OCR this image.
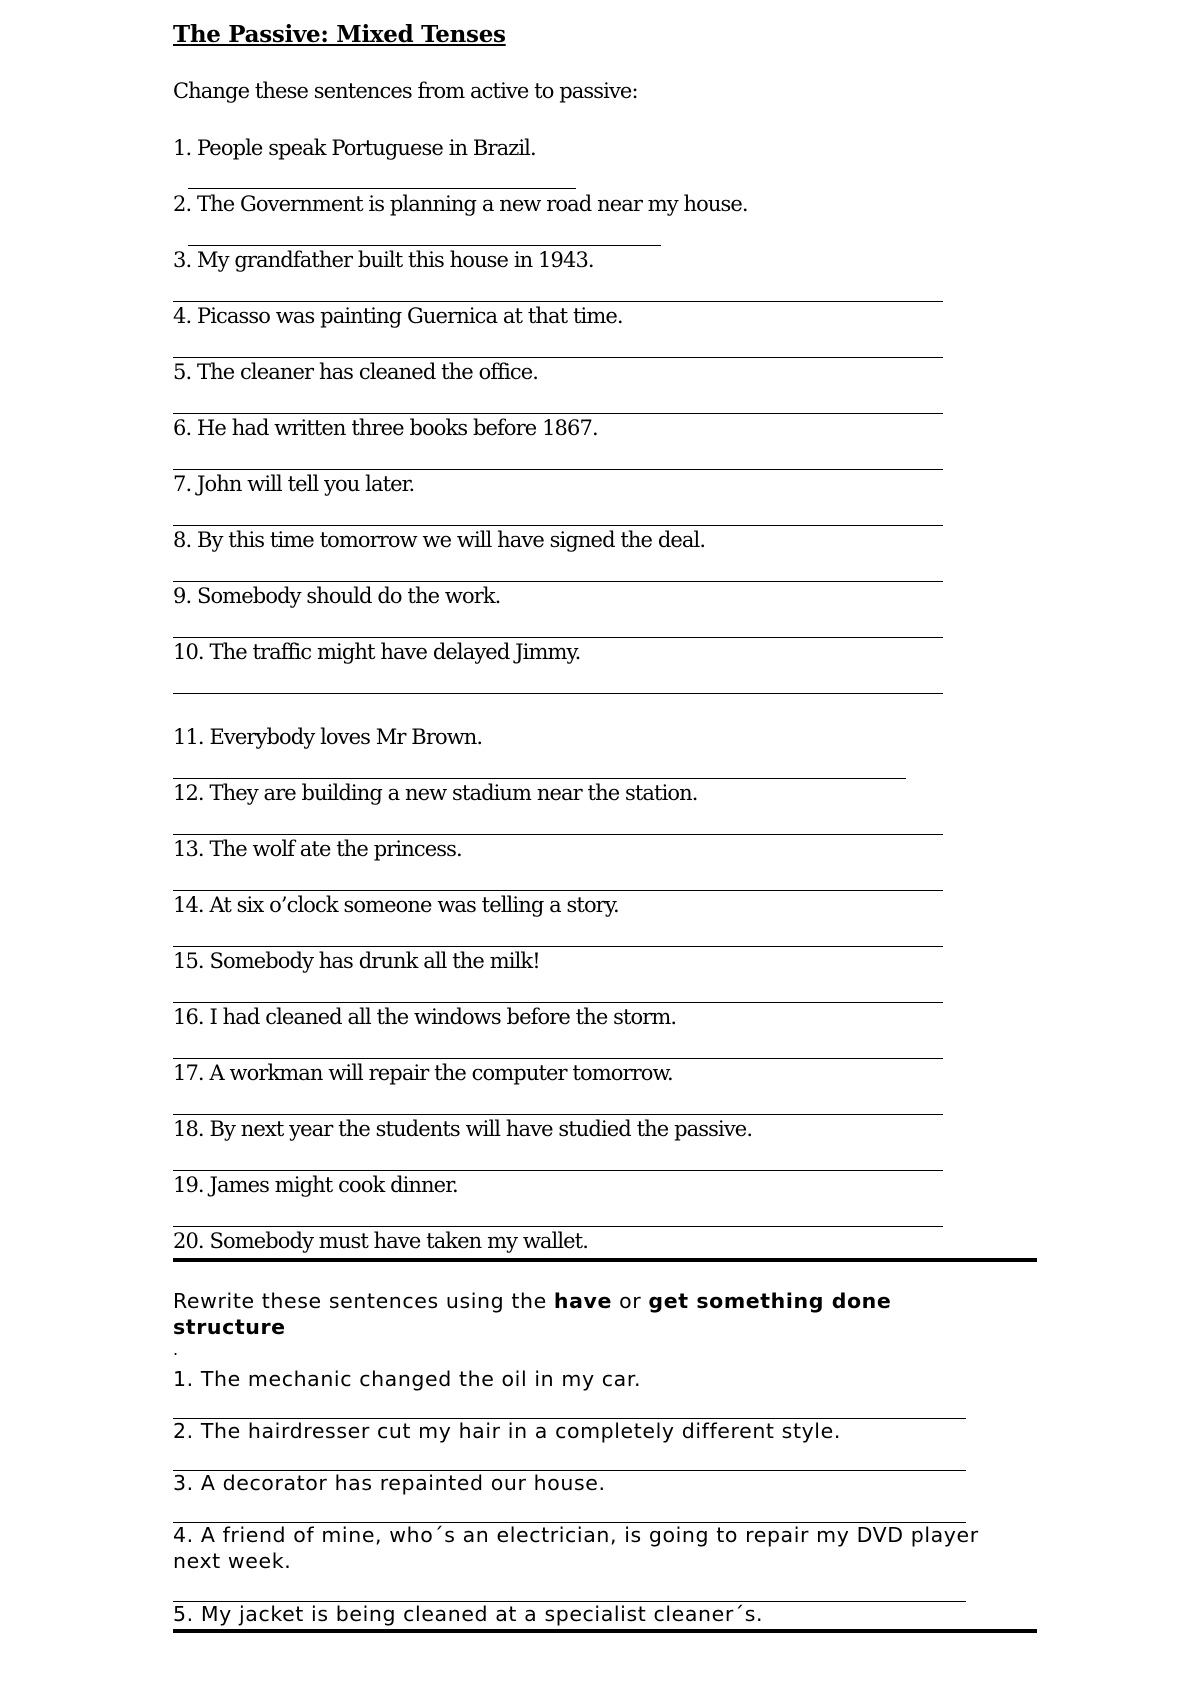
The Passive: Mixed Tenses
Change these sentences from active to passive:
1. People speak Portuguese in Brazil.
2. The Government is planning a new road near my house.
3. My grandfather built this house in 1943.
4. Picasso was painting Guernica at that time.
5. The cleaner has cleaned the office.
6. He had written three books before 1867.
7. John will tell you later.
8. By this time tomorrow we will have signed the deal.
9. Somebody should do the work.
10. The traffic might have delayed Jimmy.
11. Everybody loves Mr Brown.
12. They are building a new stadium near the station.
13. The wolf ate the princess.
14. At six o’clock someone was telling a story.
15. Somebody has drunk all the milk!
16. I had cleaned all the windows before the storm.
17. A workman will repair the computer tomorrow.
18. By next year the students will have studied the passive.
19. James might cook dinner.
20. Somebody must have taken my wallet.
Rewrite these sentences using the have or get something done
structure
.
1. The mechanic changed the oil in my car.
2. The hairdresser cut my hair in a completely different style.
3. A decorator has repainted our house.
4. A friend of mine, who´s an electrician, is going to repair my DVD player
next week.
5. My jacket is being cleaned at a specialist cleaner´s.
